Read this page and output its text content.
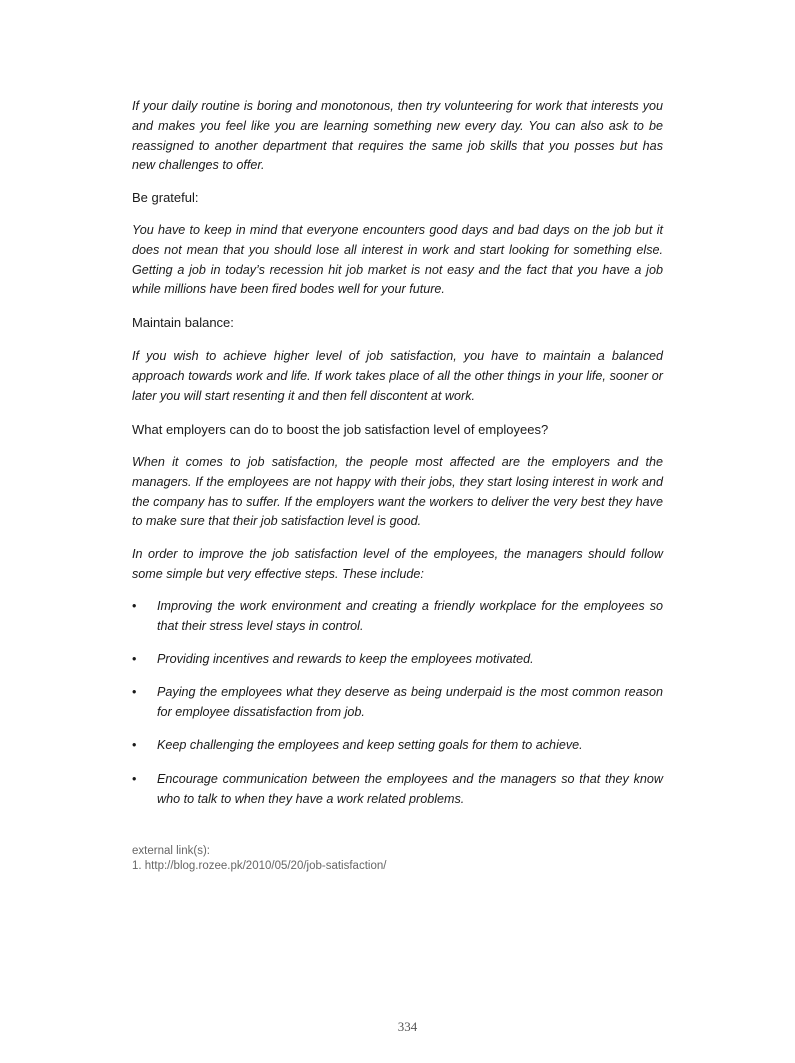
If your daily routine is boring and monotonous, then try volunteering for work that interests you and makes you feel like you are learning something new every day. You can also ask to be reassigned to another department that requires the same job skills that you posses but has new challenges to offer.

Be grateful:

You have to keep in mind that everyone encounters good days and bad days on the job but it does not mean that you should lose all interest in work and start looking for something else. Getting a job in today’s recession hit job market is not easy and the fact that you have a job while millions have been fired bodes well for your future.

Maintain balance:

If you wish to achieve higher level of job satisfaction, you have to maintain a balanced approach towards work and life. If work takes place of all the other things in your life, sooner or later you will start resenting it and then fell discontent at work.

What employers can do to boost the job satisfaction level of employees?

When it comes to job satisfaction, the people most affected are the employers and the managers. If the employees are not happy with their jobs, they start losing interest in work and the company has to suffer. If the employers want the workers to deliver the very best they have to make sure that their job satisfaction level is good.

In order to improve the job satisfaction level of the employees, the managers should follow some simple but very effective steps. These include:

• Improving the work environment and creating a friendly workplace for the employees so that their stress level stays in control.
• Providing incentives and rewards to keep the employees motivated.
• Paying the employees what they deserve as being underpaid is the most common reason for employee dissatisfaction from job.
• Keep challenging the employees and keep setting goals for them to achieve.
• Encourage communication between the employees and the managers so that they know who to talk to when they have a work related problems.
external link(s):
1. http://blog.rozee.pk/2010/05/20/job-satisfaction/
334
